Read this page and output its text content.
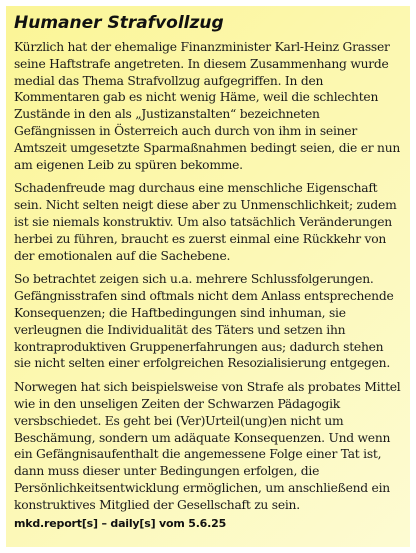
Humaner Strafvollzug

Kürzlich hat der ehemalige Finanzminister Karl-Heinz Grasser seine Haftstrafe angetreten. In diesem Zusammenhang wurde medial das Thema Strafvollzug aufgegriffen. In den Kommentaren gab es nicht wenig Häme, weil die schlechten Zustände in den als „Justizanstalten“ bezeichneten Gefängnissen in Österreich auch durch von ihm in seiner Amtszeit umgesetzte Sparmaßnahmen bedingt seien, die er nun am eigenen Leib zu spüren bekomme.

Schadenfreude mag durchaus eine menschliche Eigenschaft sein. Nicht selten neigt diese aber zu Unmenschlichkeit; zudem ist sie niemals konstruktiv. Um also tatsächlich Veränderungen herbei zu führen, braucht es zuerst einmal eine Rückkehr von der emotionalen auf die Sachebene.

So betrachtet zeigen sich u.a. mehrere Schlussfolgerungen. Gefängnisstrafen sind oftmals nicht dem Anlass entsprechende Konsequenzen; die Haftbedingungen sind inhuman, sie verleugnen die Individualität des Täters und setzen ihn kontraproduktiven Gruppenerfahrungen aus; dadurch stehen sie nicht selten einer erfolgreichen Resozialisierung entgegen.

Norwegen hat sich beispielsweise von Strafe als probates Mittel wie in den unseligen Zeiten der Schwarzen Pädagogik versbschiedet. Es geht bei (Ver)Urteil(ung)en nicht um Beschämung, sondern um adäquate Konsequenzen. Und wenn ein Gefängnisaufenthalt die angemessene Folge einer Tat ist, dann muss dieser unter Bedingungen erfolgen, die Persönlichkeitsentwicklung ermöglichen, um anschließend ein konstruktives Mitglied der Gesellschaft zu sein.

mkd.report[s] – daily[s] vom 5.6.25
